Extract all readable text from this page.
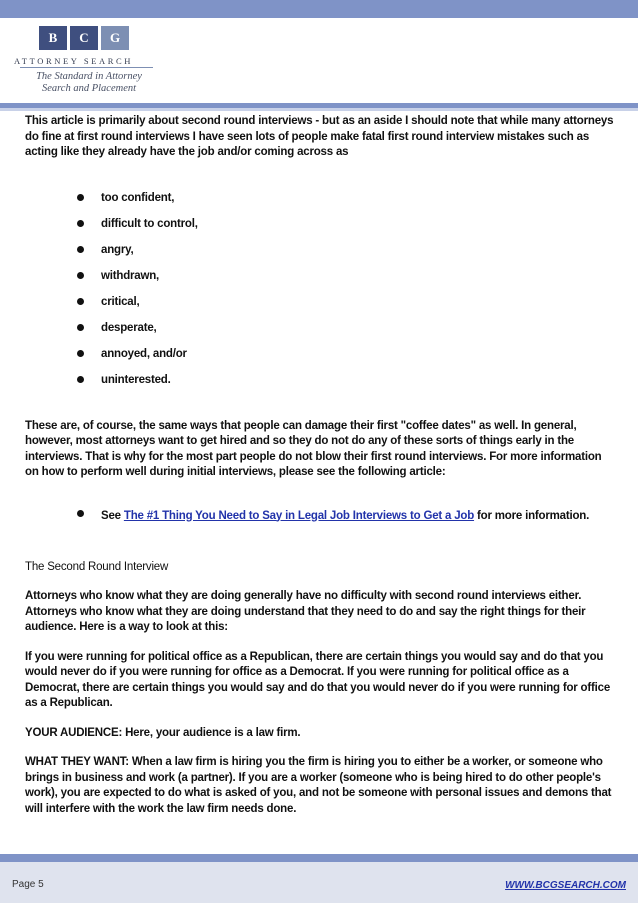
B	C	G
ATTORNEY SEARCH
The Standard in Attorney
Search and Placement

This article is primarily about second round interviews - but as an aside I should note that while many attorneys do fine at first round interviews I have seen lots of people make fatal first round interview mistakes such as acting like they already have the job and/or coming across as

too confident,
difficult to control,
angry,
withdrawn,
critical,
desperate,
annoyed, and/or
uninterested.

These are, of course, the same ways that people can damage their first "coffee dates" as well. In general, however, most attorneys want to get hired and so they do not do any of these sorts of things early in the interviews. That is why for the most part people do not blow their first round interviews. For more information on how to perform well during initial interviews, please see the following article:

See The #1 Thing You Need to Say in Legal Job Interviews to Get a Job for more information.

The Second Round Interview

Attorneys who know what they are doing generally have no difficulty with second round interviews either. Attorneys who know what they are doing understand that they need to do and say the right things for their audience. Here is a way to look at this:

If you were running for political office as a Republican, there are certain things you would say and do that you would never do if you were running for office as a Democrat. If you were running for political office as a Democrat, there are certain things you would say and do that you would never do if you were running for office as a Republican.

YOUR AUDIENCE: Here, your audience is a law firm.

WHAT THEY WANT: When a law firm is hiring you the firm is hiring you to either be a worker, or someone who brings in business and work (a partner). If you are a worker (someone who is being hired to do other people's work), you are expected to do what is asked of you, and not be someone with personal issues and demons that will interfere with the work the law firm needs done.

Page 5	WWW.BCGSEARCH.COM
